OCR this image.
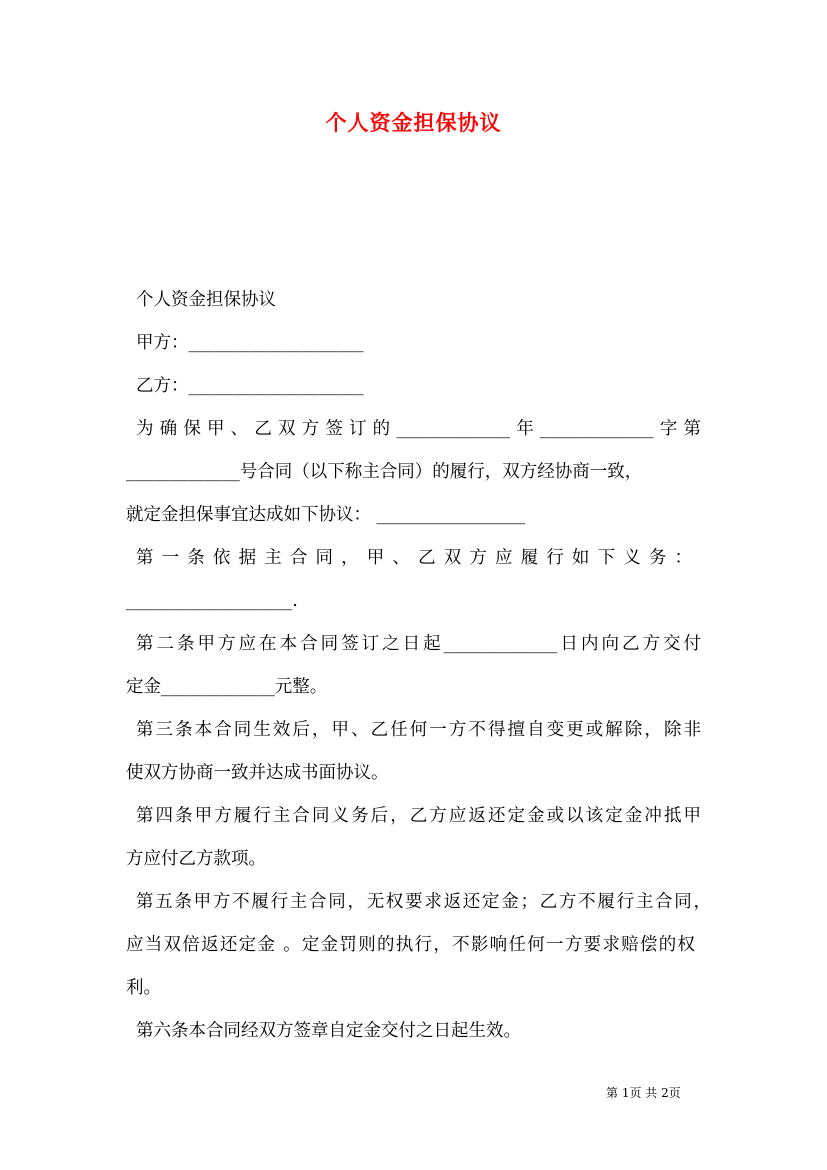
个人资金担保协议
个人资金担保协议
甲方：____________________
乙方：____________________
为确保甲、乙双方签订的_____________年_____________字第
_____________号合同（以下称主合同）的履行，双方经协商一致，
就定金担保事宜达成如下协议： _________________
第一条依据主合同，甲、乙双方应履行如下义务：
___________________.
第二条甲方应在本合同签订之日起_____________日内向乙方交付
定金_____________元整。
第三条本合同生效后，甲、乙任何一方不得擅自变更或解除，除非
使双方协商一致并达成书面协议。
第四条甲方履行主合同义务后，乙方应返还定金或以该定金冲抵甲
方应付乙方款项。
第五条甲方不履行主合同，无权要求返还定金；乙方不履行主合同，
应当双倍返还定金 。定金罚则的执行，不影响任何一方要求赔偿的权
利。
第六条本合同经双方签章自定金交付之日起生效。
第 1页 共 2页
